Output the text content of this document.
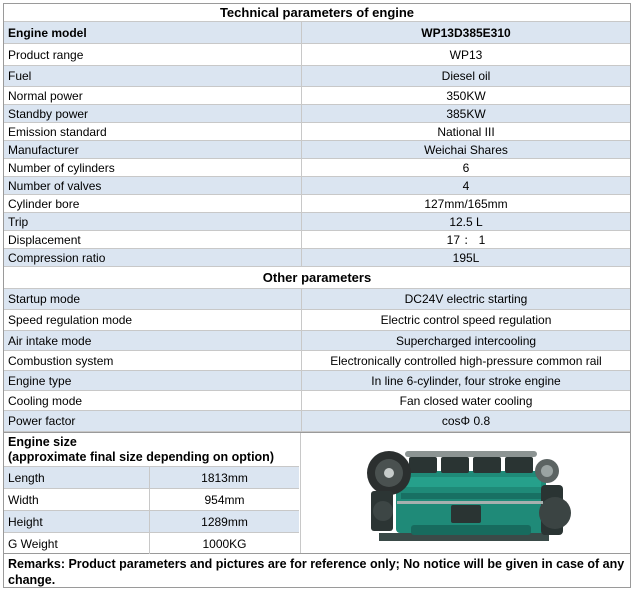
Technical parameters of engine
Engine model	WP13D385E310
Product range	WP13
Fuel	Diesel oil
Normal power	350KW
Standby power	385KW
Emission standard	National III
Manufacturer	Weichai Shares
Number of cylinders	6
Number of valves	4
Cylinder bore	127mm/165mm
Trip	12.5 L
Displacement	17 ： 1
Compression ratio	195L
Other parameters
Startup mode	DC24V electric starting
Speed regulation mode	Electric control speed regulation
Air intake mode	Supercharged intercooling
Combustion system	Electronically controlled high-pressure common rail
Engine type	In line 6-cylinder, four stroke engine
Cooling mode	Fan closed water cooling
Power factor	cosΦ 0.8
Engine size
(approximate final size depending on option)
Length	1813mm
Width	954mm
Height	1289mm
G Weight	1000KG
Remarks: Product parameters and pictures are for reference only; No notice will be given in case of any change.
